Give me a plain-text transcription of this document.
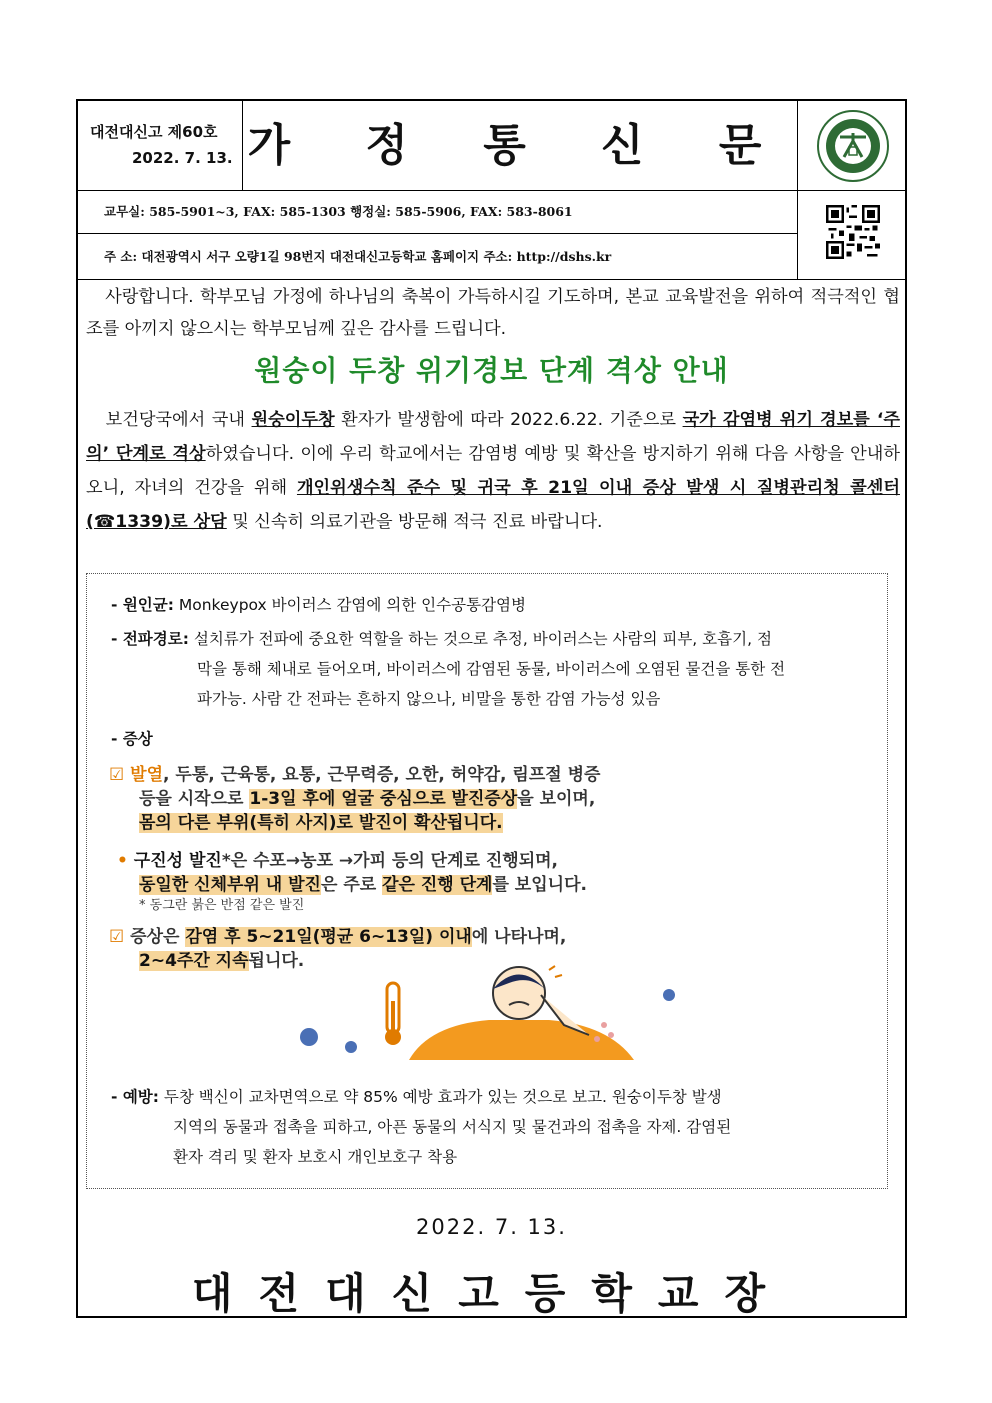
대전대신고 제60호
2022. 7. 13. 가 정 통 신 문
교무실: 585-5901~3, FAX: 585-1303 행정실: 585-5906, FAX: 583-8061
주 소: 대전광역시 서구 오량1길 98번지 대전대신고등학교 홈페이지 주소: http://dshs.kr
사랑합니다. 학부모님 가정에 하나님의 축복이 가득하시길 기도하며, 본교 교육발전을 위하여 적극적인 협조를 아끼지 않으시는 학부모님께 깊은 감사를 드립니다.
원숭이 두창 위기경보 단계 격상 안내
보건당국에서 국내 원숭이두창 환자가 발생함에 따라 2022.6.22. 기준으로 국가 감염병 위기 경보를 ‘주의’ 단계로 격상하였습니다. 이에 우리 학교에서는 감염병 예방 및 확산을 방지하기 위해 다음 사항을 안내하오니, 자녀의 건강을 위해 개인위생수칙 준수 및 귀국 후 21일 이내 증상 발생 시 질병관리청 콜센터(☎1339)로 상담 및 신속히 의료기관을 방문해 적극 진료 바랍니다.
- 원인균: Monkeypox 바이러스 감염에 의한 인수공통감염병
- 전파경로: 설치류가 전파에 중요한 역할을 하는 것으로 추정, 바이러스는 사람의 피부, 호흡기, 점
막을 통해 체내로 들어오며, 바이러스에 감염된 동물, 바이러스에 오염된 물건을 통한 전
파가능. 사람 간 전파는 흔하지 않으나, 비말을 통한 감염 가능성 있음
- 증상
☑ 발열, 두통, 근육통, 요통, 근무력증, 오한, 허약감, 림프절 병증
등을 시작으로 1-3일 후에 얼굴 중심으로 발진증상을 보이며,
몸의 다른 부위(특히 사지)로 발진이 확산됩니다.
• 구진성 발진*은 수포→농포 →가피 등의 단계로 진행되며,
동일한 신체부위 내 발진은 주로 같은 진행 단계를 보입니다.
* 동그란 붉은 반점 같은 발진
☑ 증상은 감염 후 5~21일(평균 6~13일) 이내에 나타나며,
2~4주간 지속됩니다.
- 예방: 두창 백신이 교차면역으로 약 85% 예방 효과가 있는 것으로 보고. 원숭이두창 발생
지역의 동물과 접촉을 피하고, 아픈 동물의 서식지 및 물건과의 접촉을 자제. 감염된
환자 격리 및 환자 보호시 개인보호구 착용
2022. 7. 13.
대전대신고등학교장
